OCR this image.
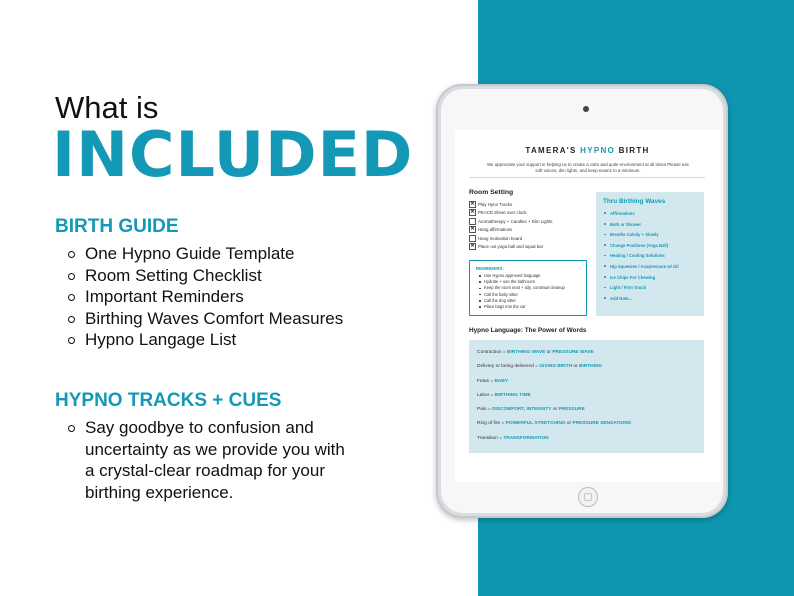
What is
INCLUDED
BIRTH GUIDE
One Hypno Guide Template
Room Setting Checklist
Important Reminders
Birthing Waves Comfort Measures
Hypno Langage List
HYPNO TRACKS + CUES
Say goodbye to confusion and uncertainty as we provide you with a crystal-clear roadmap for your birthing experience.
TAMERA'S HYPNO BIRTH
We appreciate your support in helping us to create a calm and quite environment at all times Please use soft voices, dim lights, and keep exams to a minimum.
Room Setting
✕ Play Hyno Tracks
✕ PEACE Sheet over clock
Aromatherapy + Candles + Dim Lights
✕ Hang affirmations
Hang motivation board
✕ Place out yoga ball and squat bar
REMINDERS:
Use Hypno approved language
Hydrate + use the bathroom
Keep the room neat + tidy, continual cleanup
Call the baby sitter
Call the dog sitter
Place bags into the car
Thru Birthing Waves
Affirmations
Bath or Shower
Breathe Calmly + Slowly
Change Positions (Yoga Ball)
Heating / Cooling Solutions
Hip Squeezes / Acupressure w/ Oil
Ice Chips For Chewing
Light / Firm Touch
Add Note...
Hypno Language: The Power of Words
Contraction = BIRTHING WAVE or PRESSURE WAVE
Delivery or being delivered = GIVING BIRTH or BIRTHING
Fetus = BABY
Labor = BIRTHING TIME
Pain = DISCOMFORT, INTENSITY or PRESSURE
Ring of fire = POWERFUL STRETCHING or PRESSURE SENSATIONS
Transition = TRANSFORMATION
